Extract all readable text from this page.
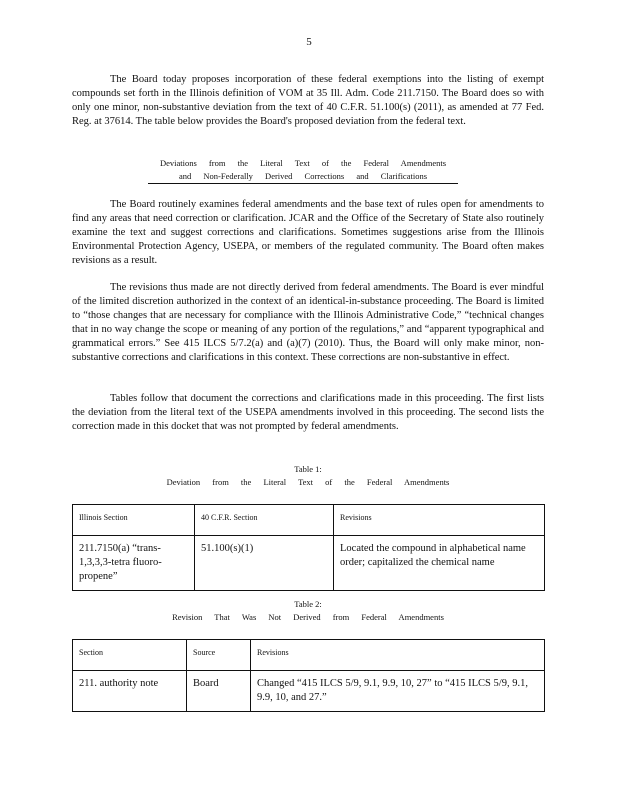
5

The Board today proposes incorporation of these federal exemptions into the listing of exempt compounds set forth in the Illinois definition of VOM at 35 Ill. Adm. Code 211.7150. The Board does so with only one minor, non-substantive deviation from the text of 40 C.F.R. 51.100(s) (2011), as amended at 77 Fed. Reg. at 37614. The table below provides the Board's proposed deviation from the federal text.

Deviations from the Literal Text of the Federal Amendments
and Non-Federally Derived Corrections and Clarifications

The Board routinely examines federal amendments and the base text of rules open for amendments to find any areas that need correction or clarification. JCAR and the Office of the Secretary of State also routinely examine the text and suggest corrections and clarifications. Sometimes suggestions arise from the Illinois Environmental Protection Agency, USEPA, or members of the regulated community. The Board often makes revisions as a result.

The revisions thus made are not directly derived from federal amendments. The Board is ever mindful of the limited discretion authorized in the context of an identical-in-substance proceeding. The Board is limited to “those changes that are necessary for compliance with the Illinois Administrative Code,” “technical changes that in no way change the scope or meaning of any portion of the regulations,” and “apparent typographical and grammatical errors.” See 415 ILCS 5/7.2(a) and (a)(7) (2010). Thus, the Board will only make minor, non-substantive corrections and clarifications in this context. These corrections are non-substantive in effect.

Tables follow that document the corrections and clarifications made in this proceeding. The first lists the deviation from the literal text of the USEPA amendments involved in this proceeding. The second lists the correction made in this docket that was not prompted by federal amendments.

Table 1:
Deviation from the Literal Text of the Federal Amendments
Illinois Section	40 C.F.R. Section	Revisions
211.7150(a) “trans-1,3,3,3-tetra fluoro-propene”	51.100(s)(1)	Located the compound in alphabetical name order; capitalized the chemical name
Table 2:
Revision That Was Not Derived from Federal Amendments
Section	Source	Revisions
211. authority note	Board	Changed “415 ILCS 5/9, 9.1, 9.9, 10, 27” to “415 ILCS 5/9, 9.1, 9.9, 10, and 27.”
